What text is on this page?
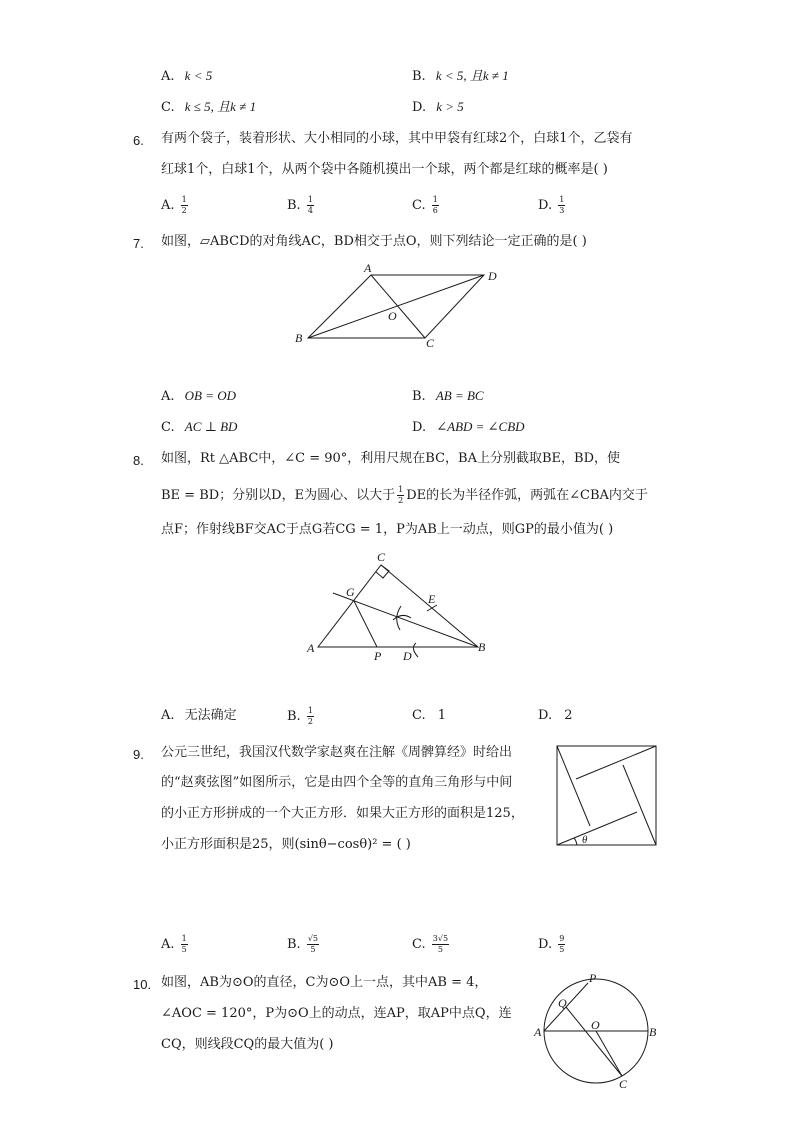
A. k < 5	B. k < 5, 且k ≠ 1
C. k ≤ 5, 且k ≠ 1	D. k > 5
6. 有两个袋子，装着形状、大小相同的小球，其中甲袋有红球2个，白球1个，乙袋有
红球1个，白球1个，从两个袋中各随机摸出一个球，两个都是红球的概率是( )
A. $\frac{1}{2}$	B. $\frac{1}{4}$	C. $\frac{1}{6}$	D. $\frac{1}{3}$
7. 如图，▱ABCD的对角线AC，BD相交于点O，则下列结论一定正确的是( )
A
D
B	C
O
A. OB = OD	B. AB = BC
C. AC ⊥ BD	D. ∠ABD = ∠CBD
8. 如图，Rt △ABC中，∠C = 90°，利用尺规在BC，BA上分别截取BE，BD，使
BE = BD；分别以D，E为圆心、以大于 $\frac{1}{2}$ DE的长为半径作弧，两弧在∠CBA内交于
点F；作射线BF交AC于点G若CG = 1，P为AB上一动点，则GP的最小值为( )
C
G	E
A
P D
B
A. 无法确定	B. $\frac{1}{2}$	C. 1	D. 2
9. 公元三世纪，我国汉代数学家赵爽在注解《周髀算经》时给出
的“赵爽弦图”如图所示，它是由四个全等的直角三角形与中间
的小正方形拼成的一个大正方形．如果大正方形的面积是125，
小正方形面积是25，则(sinθ−cosθ)² = ( )	θ
A. $\frac{1}{5}$	B. $\frac{√5}{5}$	C. $\frac{3√5}{5}$	D. $\frac{9}{5}$
10. 如图，AB为⊙O的直径，C为⊙O上一点，其中AB = 4，
∠AOC = 120°，P为⊙O上的动点，连AP，取AP中点Q，连
CQ，则线段CQ的最大值为( )
P
Q
O
A	B
C
